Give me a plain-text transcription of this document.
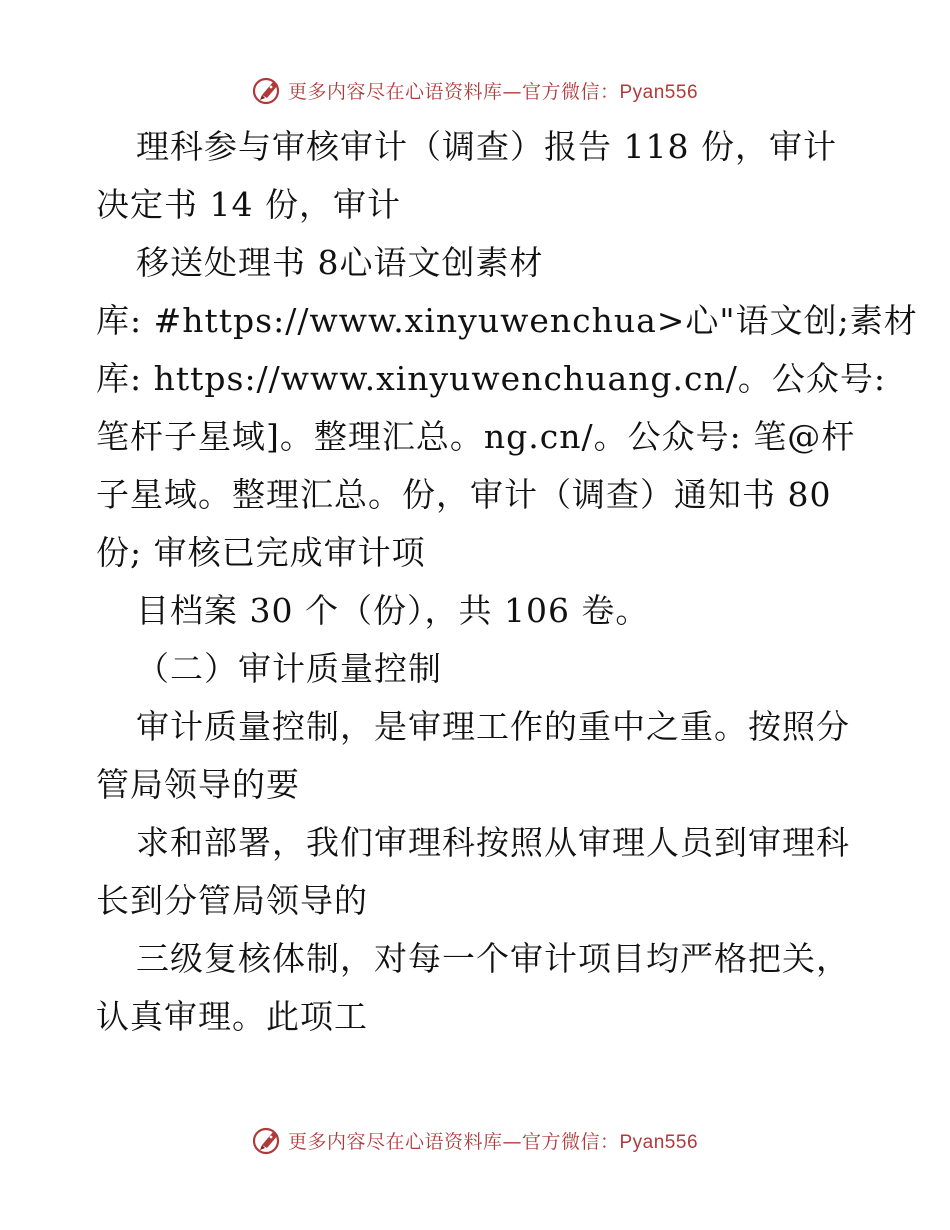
更多内容尽在心语资料库—官方微信：Pyan556
理科参与审核审计（调查）报告 118 份，审计
决定书 14 份，审计
移送处理书 8心语文创素材
库: #https://www.xinyuwenchua>心"语文创;素材
库: https://www.xinyuwenchuang.cn/。公众号:
笔杆子星域]。整理汇总。ng.cn/。公众号: 笔@杆
子星域。整理汇总。份，审计（调查）通知书 80
份; 审核已完成审计项
目档案 30 个（份），共 106 卷。
（二）审计质量控制
审计质量控制，是审理工作的重中之重。按照分
管局领导的要
求和部署，我们审理科按照从审理人员到审理科
长到分管局领导的
三级复核体制，对每一个审计项目均严格把关，
认真审理。此项工
更多内容尽在心语资料库—官方微信：Pyan556
